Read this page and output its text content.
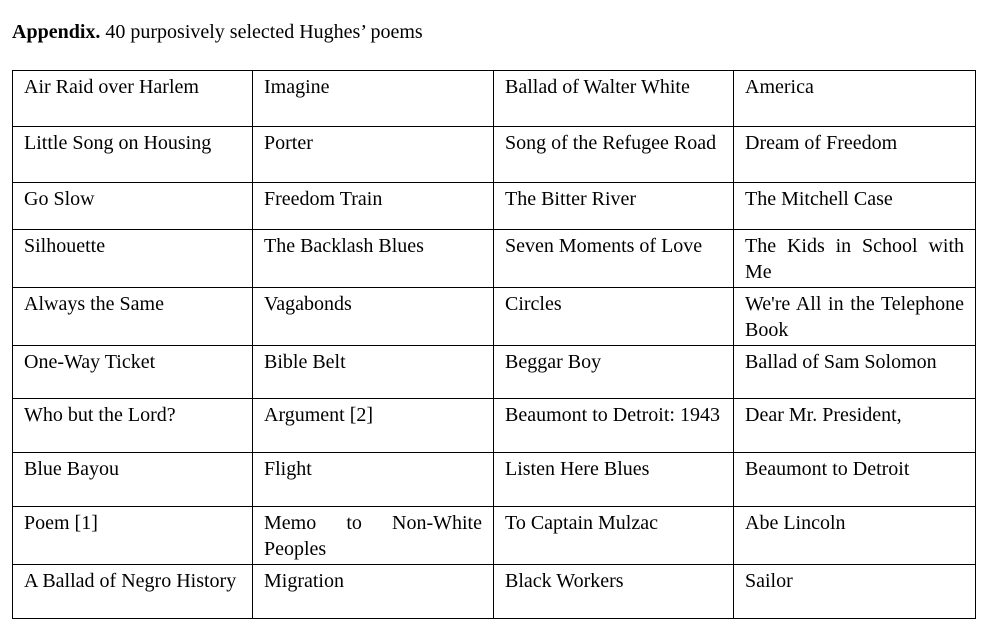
Appendix. 40 purposively selected Hughes’ poems
Air Raid over Harlem	Imagine	Ballad of Walter White	America
Little Song on Housing	Porter	Song of the Refugee Road	Dream of Freedom
Go Slow	Freedom Train	The Bitter River	The Mitchell Case
Silhouette	The Backlash Blues	Seven Moments of Love	The Kids in School with Me
Always the Same	Vagabonds	Circles	We're All in the Telephone Book
One-Way Ticket	Bible Belt	Beggar Boy	Ballad of Sam Solomon
Who but the Lord?	Argument [2]	Beaumont to Detroit: 1943	Dear Mr. President,
Blue Bayou	Flight	Listen Here Blues	Beaumont to Detroit
Poem [1]	Memo to Non-White Peoples	To Captain Mulzac	Abe Lincoln
A Ballad of Negro History	Migration	Black Workers	Sailor
